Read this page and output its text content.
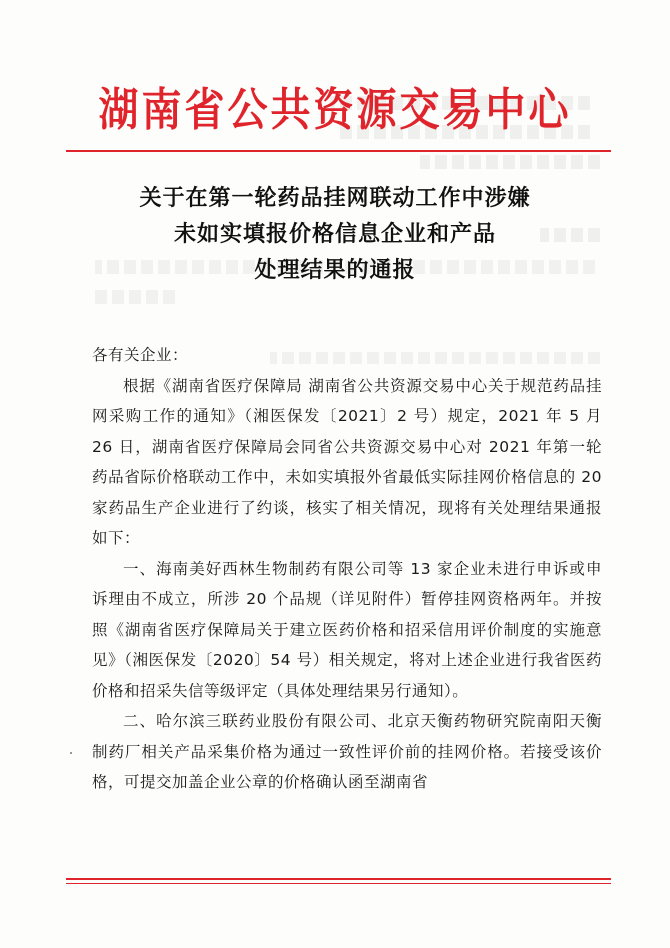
湖南省公共资源交易中心
关于在第一轮药品挂网联动工作中涉嫌
未如实填报价格信息企业和产品
处理结果的通报

各有关企业：

根据《湖南省医疗保障局 湖南省公共资源交易中心关于规范药品挂网采购工作的通知》（湘医保发〔2021〕2 号）规定，2021 年 5 月 26 日，湖南省医疗保障局会同省公共资源交易中心对 2021 年第一轮药品省际价格联动工作中，未如实填报外省最低实际挂网价格信息的 20 家药品生产企业进行了约谈，核实了相关情况，现将有关处理结果通报如下：

一、海南美好西林生物制药有限公司等 13 家企业未进行申诉或申诉理由不成立，所涉 20 个品规（详见附件）暂停挂网资格两年。并按照《湖南省医疗保障局关于建立医药价格和招采信用评价制度的实施意见》（湘医保发〔2020〕54 号）相关规定，将对上述企业进行我省医药价格和招采失信等级评定（具体处理结果另行通知）。

二、哈尔滨三联药业股份有限公司、北京天衡药物研究院南阳天衡制药厂相关产品采集价格为通过一致性评价前的挂网价格。若接受该价格，可提交加盖企业公章的价格确认函至湖南省
